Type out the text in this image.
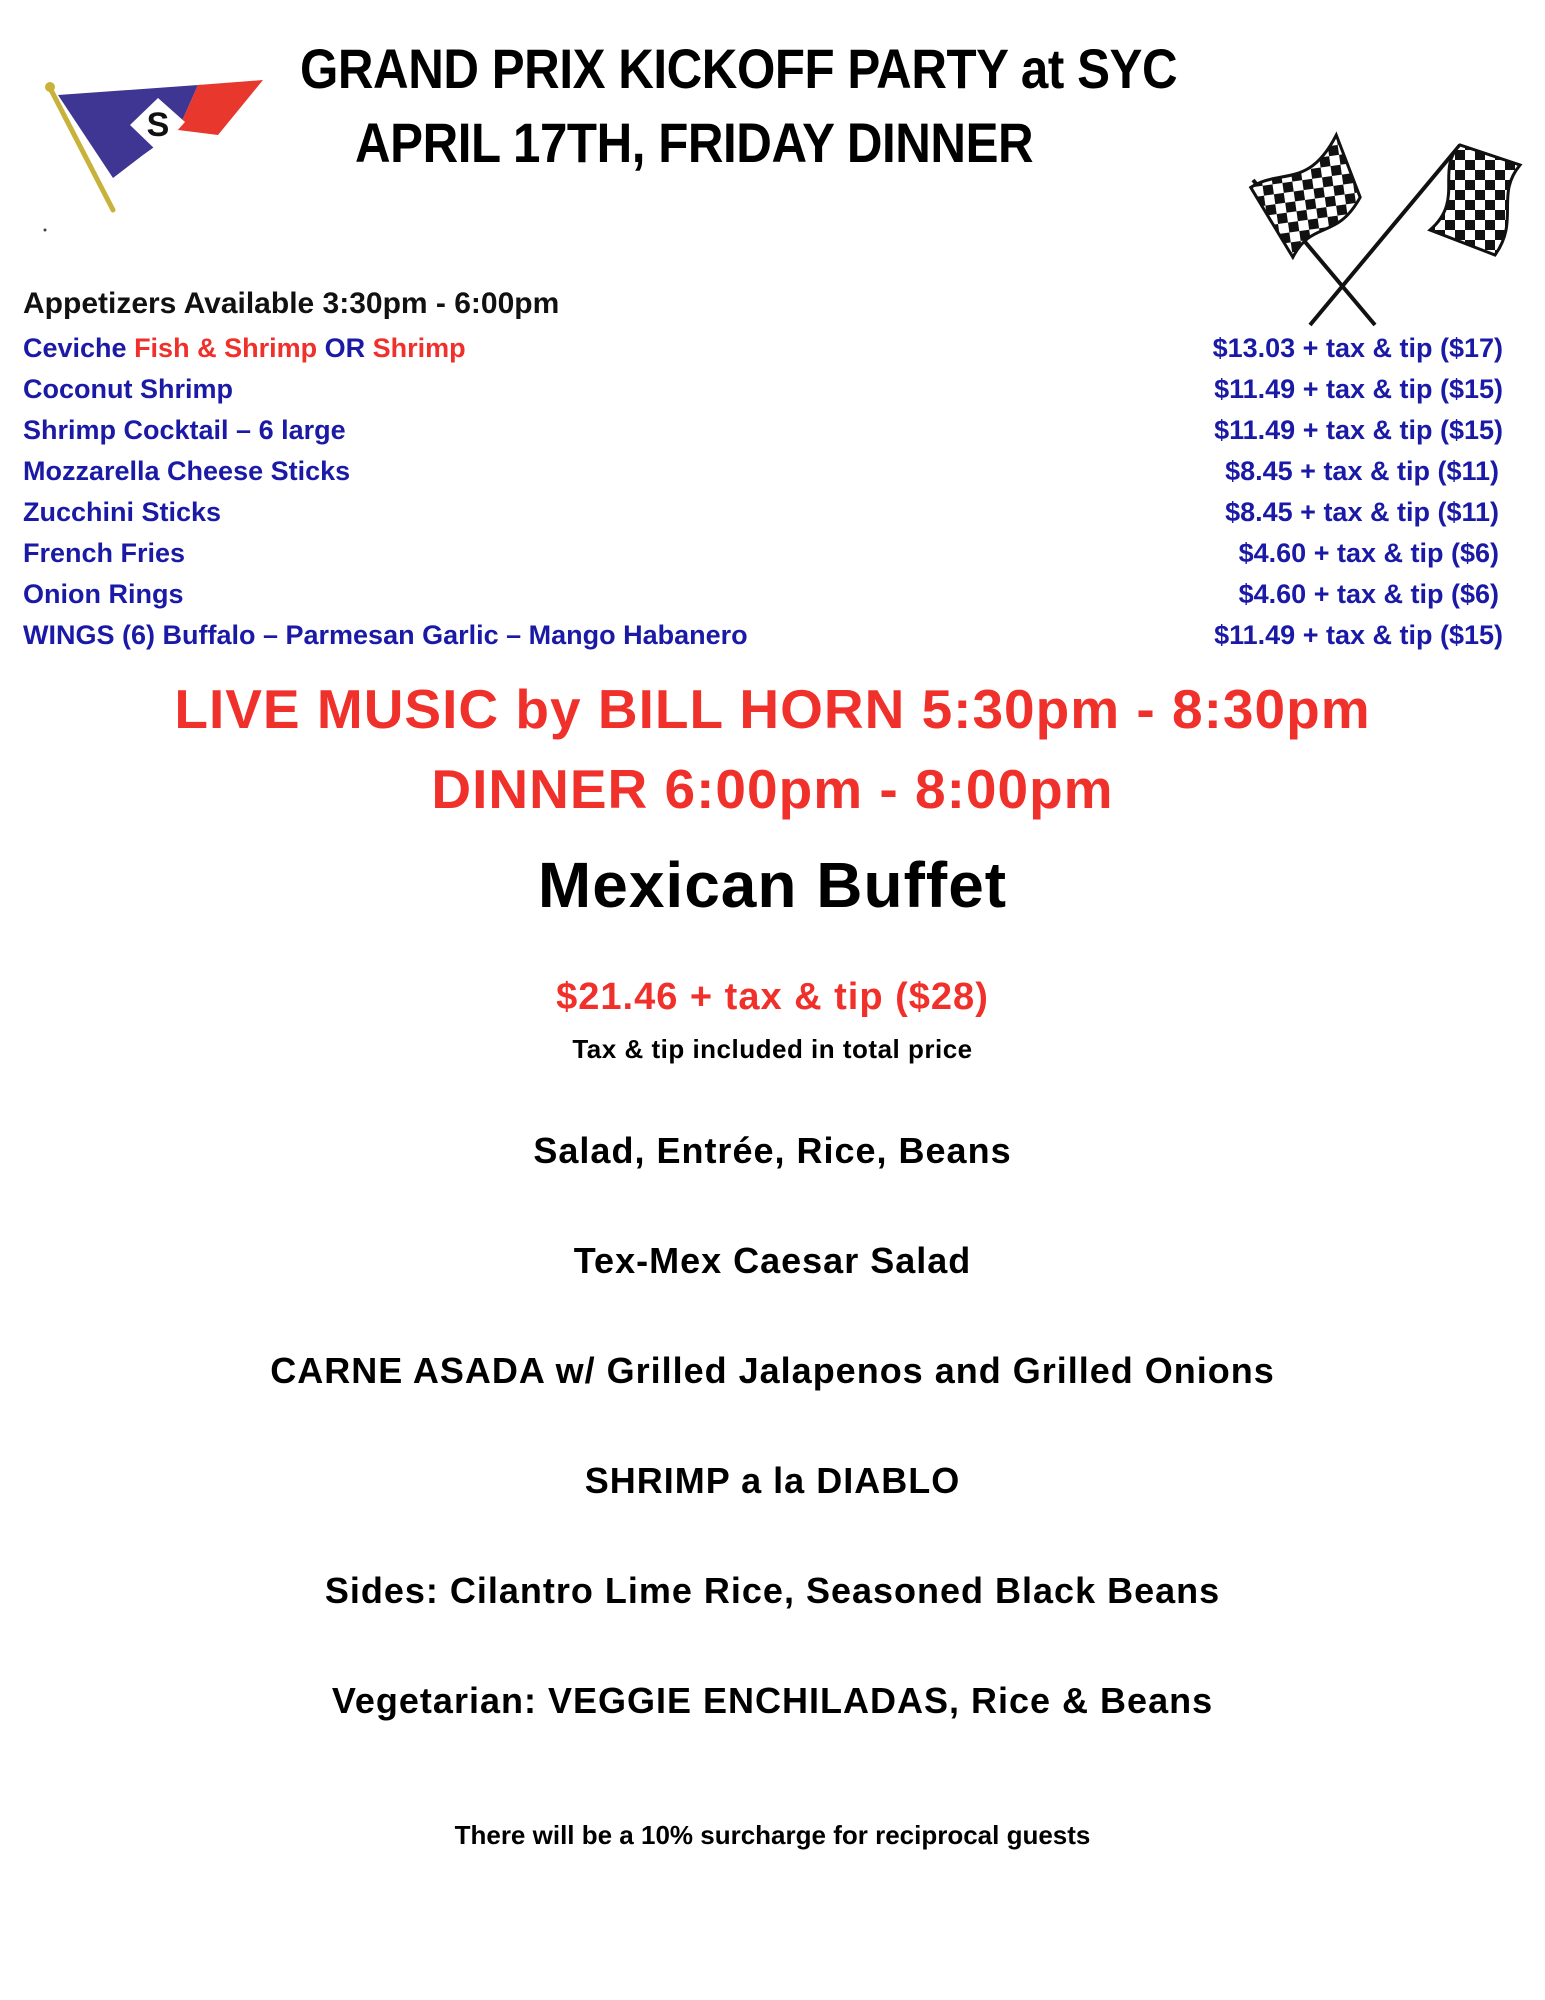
S
GRAND PRIX KICKOFF PARTY at SYC
APRIL 17TH, FRIDAY DINNER
Appetizers Available 3:30pm - 6:00pm
Ceviche Fish & Shrimp OR Shrimp	$13.03 + tax & tip ($17)
Coconut Shrimp	$11.49 + tax & tip ($15)
Shrimp Cocktail – 6 large	$11.49 + tax & tip ($15)
Mozzarella Cheese Sticks	$8.45 + tax & tip ($11)
Zucchini Sticks	$8.45 + tax & tip ($11)
French Fries	$4.60 + tax & tip ($6)
Onion Rings	$4.60 + tax & tip ($6)
WINGS (6) Buffalo – Parmesan Garlic – Mango Habanero	$11.49 + tax & tip ($15)
LIVE MUSIC by BILL HORN 5:30pm - 8:30pm
DINNER 6:00pm - 8:00pm
Mexican Buffet
$21.46 + tax & tip ($28)
Tax & tip included in total price
Salad, Entrée, Rice, Beans
Tex-Mex Caesar Salad
CARNE ASADA w/ Grilled Jalapenos and Grilled Onions
SHRIMP a la DIABLO
Sides: Cilantro Lime Rice, Seasoned Black Beans
Vegetarian: VEGGIE ENCHILADAS, Rice & Beans
There will be a 10% surcharge for reciprocal guests
